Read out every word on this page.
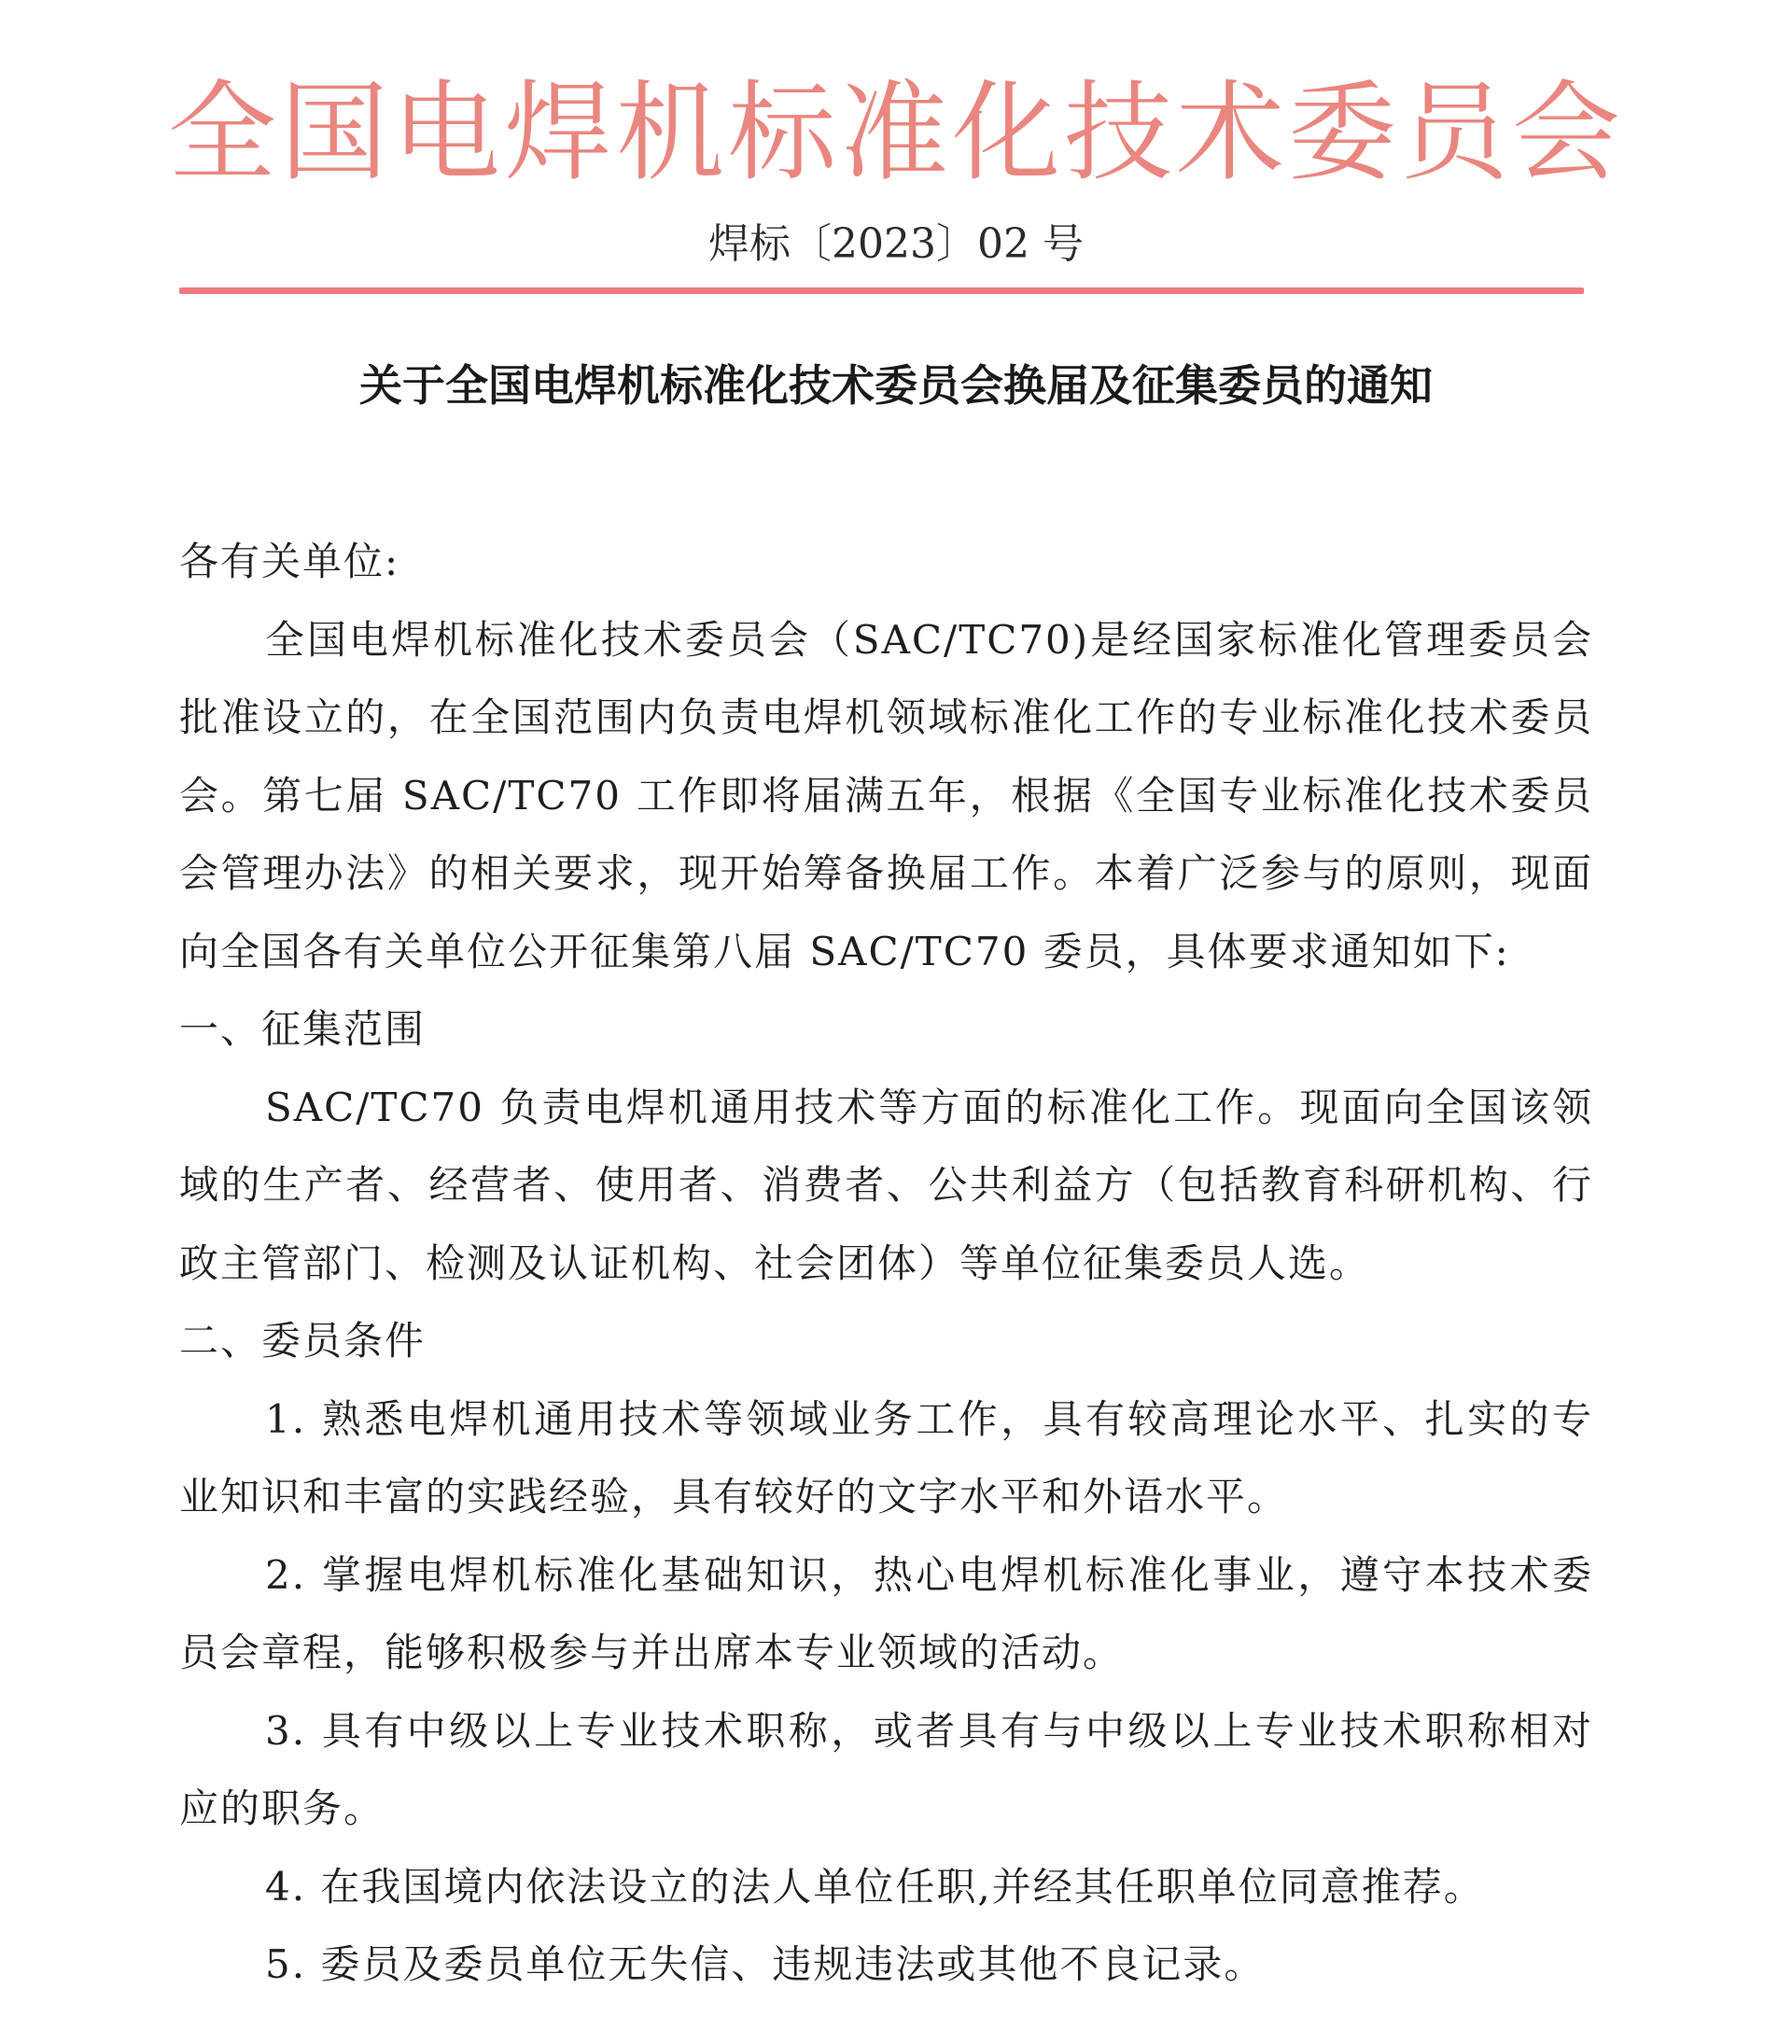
全国电焊机标准化技术委员会
焊标〔2023〕02 号
关于全国电焊机标准化技术委员会换届及征集委员的通知

各有关单位:

全国电焊机标准化技术委员会（SAC/TC70)是经国家标准化管理委员会批准设立的，在全国范围内负责电焊机领域标准化工作的专业标准化技术委员会。第七届 SAC/TC70 工作即将届满五年，根据《全国专业标准化技术委员会管理办法》的相关要求，现开始筹备换届工作。本着广泛参与的原则，现面向全国各有关单位公开征集第八届 SAC/TC70 委员，具体要求通知如下:

一、征集范围

SAC/TC70 负责电焊机通用技术等方面的标准化工作。现面向全国该领域的生产者、经营者、使用者、消费者、公共利益方（包括教育科研机构、行政主管部门、检测及认证机构、社会团体）等单位征集委员人选。

二、委员条件

1. 熟悉电焊机通用技术等领域业务工作，具有较高理论水平、扎实的专业知识和丰富的实践经验，具有较好的文字水平和外语水平。

2. 掌握电焊机标准化基础知识，热心电焊机标准化事业，遵守本技术委员会章程，能够积极参与并出席本专业领域的活动。

3. 具有中级以上专业技术职称，或者具有与中级以上专业技术职称相对应的职务。

4. 在我国境内依法设立的法人单位任职,并经其任职单位同意推荐。

5. 委员及委员单位无失信、违规违法或其他不良记录。
